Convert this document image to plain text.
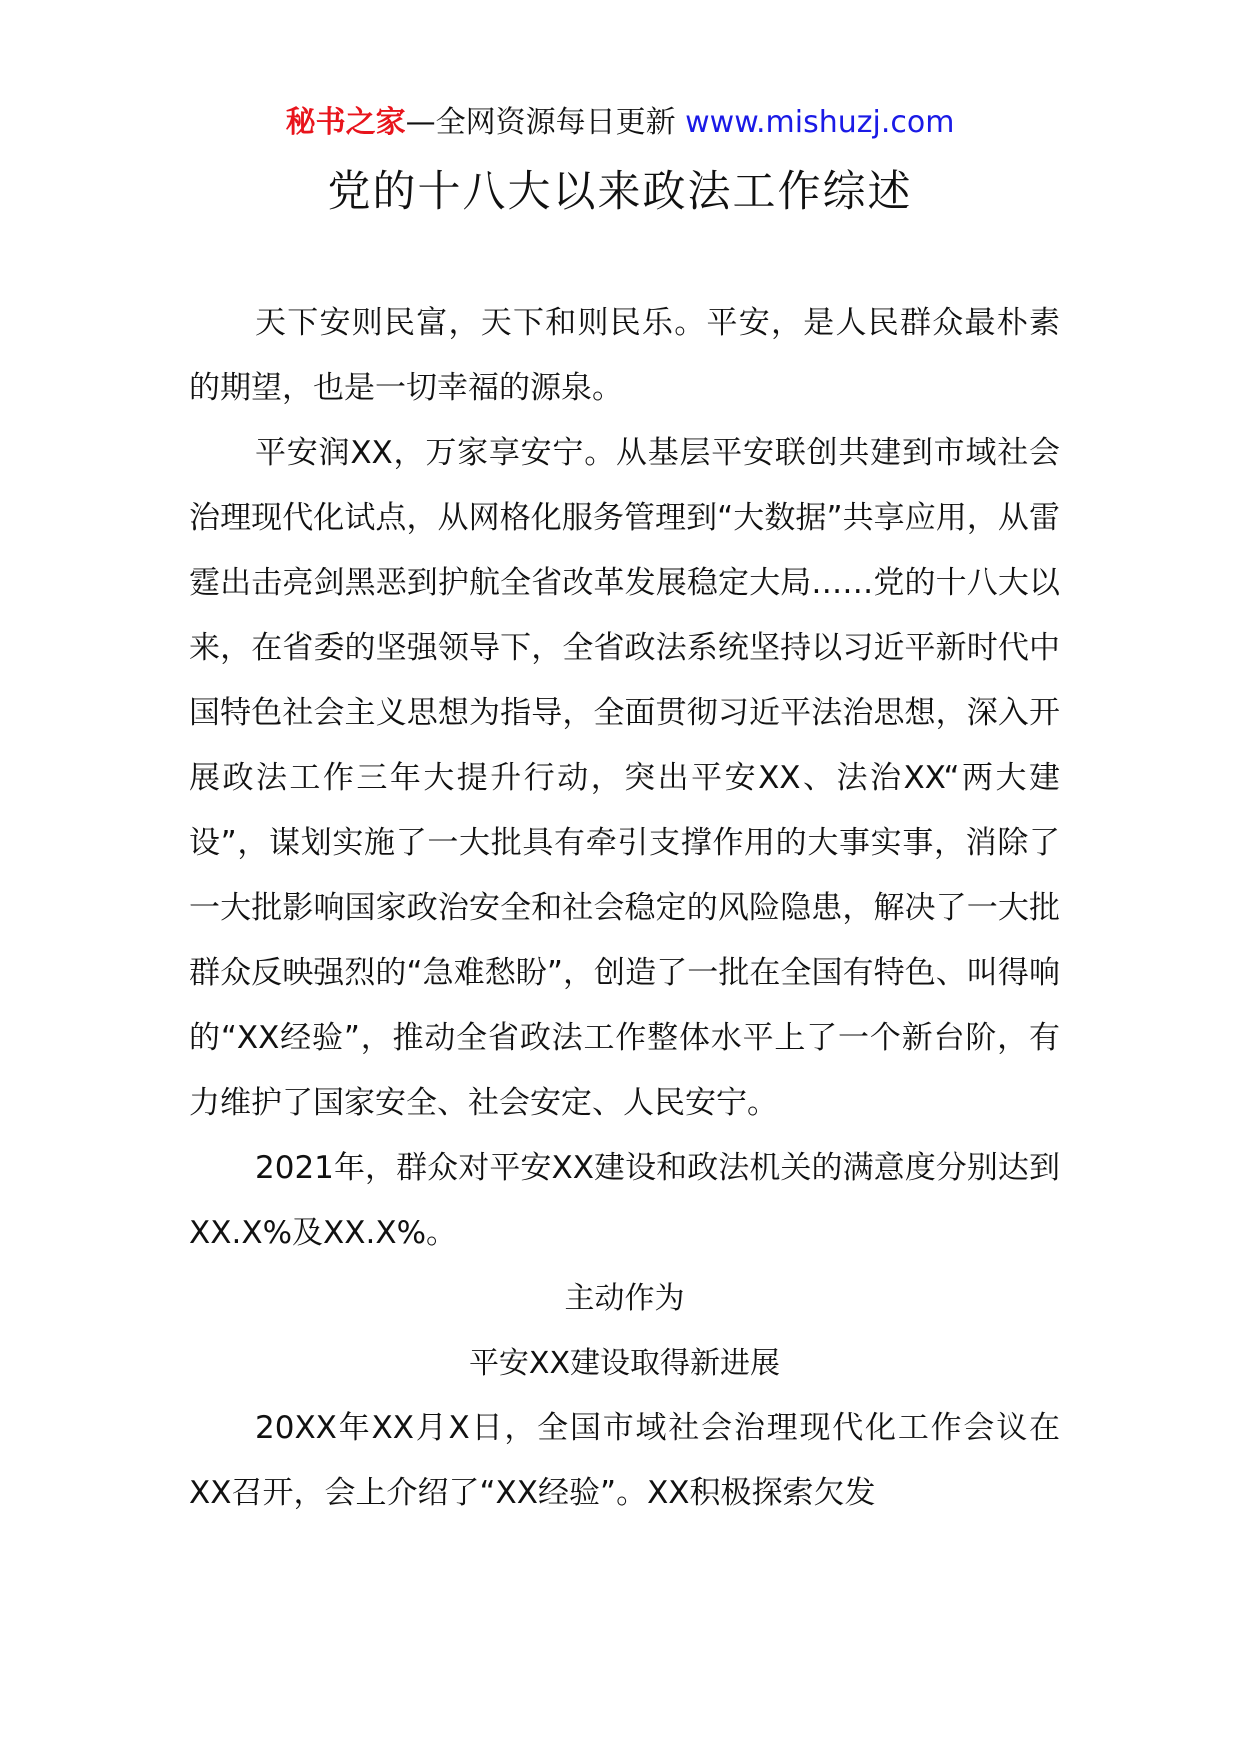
秘书之家—全网资源每日更新 www.mishuzj.com
党的十八大以来政法工作综述

天下安则民富，天下和则民乐。平安，是人民群众最朴素的期望，也是一切幸福的源泉。

平安润XX，万家享安宁。从基层平安联创共建到市域社会治理现代化试点，从网格化服务管理到“大数据”共享应用，从雷霆出击亮剑黑恶到护航全省改革发展稳定大局……党的十八大以来，在省委的坚强领导下，全省政法系统坚持以习近平新时代中国特色社会主义思想为指导，全面贯彻习近平法治思想，深入开展政法工作三年大提升行动，突出平安XX、法治XX“两大建设”，谋划实施了一大批具有牵引支撑作用的大事实事，消除了一大批影响国家政治安全和社会稳定的风险隐患，解决了一大批群众反映强烈的“急难愁盼”，创造了一批在全国有特色、叫得响的“XX经验”，推动全省政法工作整体水平上了一个新台阶，有力维护了国家安全、社会安定、人民安宁。

2021年，群众对平安XX建设和政法机关的满意度分别达到XX.X%及XX.X%。

主动作为

平安XX建设取得新进展

20XX年XX月X日，全国市域社会治理现代化工作会议在XX召开，会上介绍了“XX经验”。XX积极探索欠发
